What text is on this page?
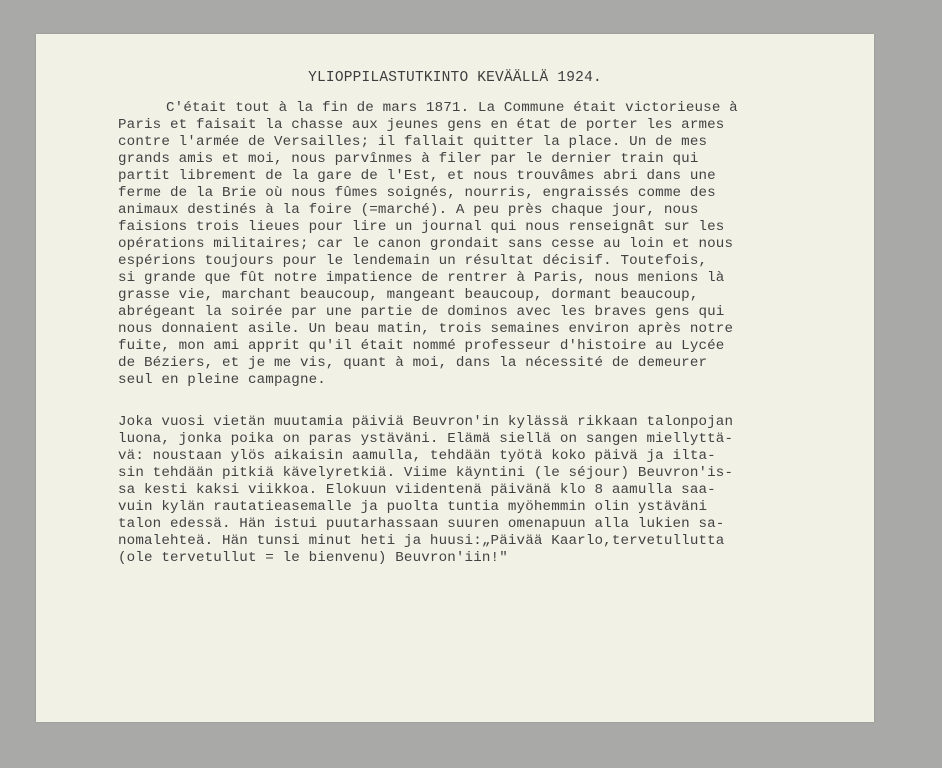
YLIOPPILASTUTKINTO KEVÄÄLLÄ 1924.
C'était tout à la fin de mars 1871. La Commune était victorieuse à
Paris et faisait la chasse aux jeunes gens en état de porter les armes
contre l'armée de Versailles; il fallait quitter la place. Un de mes
grands amis et moi, nous parvînmes à filer par le dernier train qui
partit librement de la gare de l'Est, et nous trouvâmes abri dans une
ferme de la Brie où nous fûmes soignés, nourris, engraissés comme des
animaux destinés à la foire (=marché). A peu près chaque jour, nous
faisions trois lieues pour lire un journal qui nous renseignât sur les
opérations militaires; car le canon grondait sans cesse au loin et nous
espérions toujours pour le lendemain un résultat décisif. Toutefois,
si grande que fût notre impatience de rentrer à Paris, nous menions là
grasse vie, marchant beaucoup, mangeant beaucoup, dormant beaucoup,
abrégeant la soirée par une partie de dominos avec les braves gens qui
nous donnaient asile. Un beau matin, trois semaines environ après notre
fuite, mon ami apprit qu'il était nommé professeur d'histoire au Lycée
de Béziers, et je me vis, quant à moi, dans la nécessité de demeurer
seul en pleine campagne.
Joka vuosi vietän muutamia päiviä Beuvron'in kylässä rikkaan talonpojan
luona, jonka poika on paras ystäväni. Elämä siellä on sangen miellyttä-
vä: noustaan ylös aikaisin aamulla, tehdään työtä koko päivä ja ilta-
sin tehdään pitkiä kävelyretkiä. Viime käyntini (le séjour) Beuvron'is-
sa kesti kaksi viikkoa. Elokuun viidentenä päivänä klo 8 aamulla saa-
vuin kylän rautatieasemalle ja puolta tuntia myöhemmin olin ystäväni
talon edessä. Hän istui puutarhassaan suuren omenapuun alla lukien sa-
nomalehteä. Hän tunsi minut heti ja huusi:„Päivää Kaarlo,tervetullutta
(ole tervetullut = le bienvenu) Beuvron'iin!"
